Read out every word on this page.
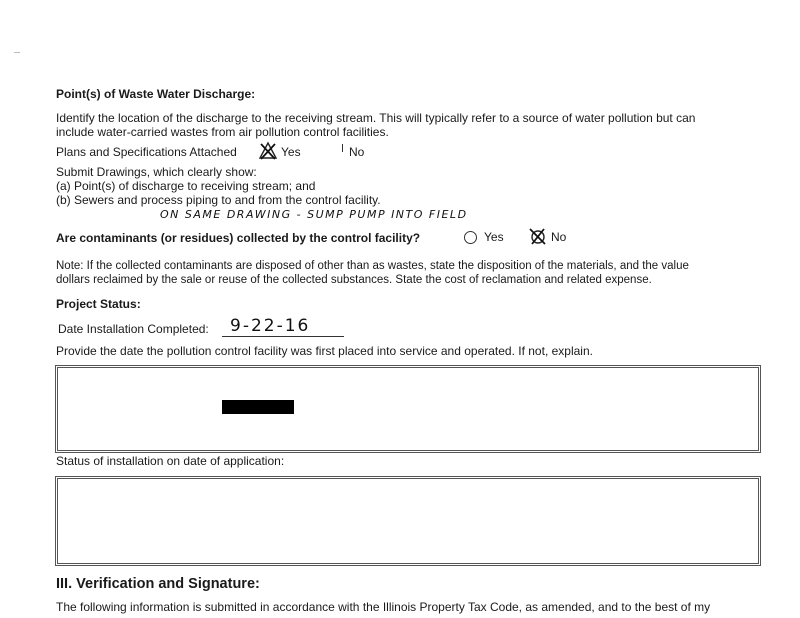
Point(s) of Waste Water Discharge:
Identify the location of the discharge to the receiving stream. This will typically refer to a source of water pollution but can
include water-carried wastes from air pollution control facilities.
Plans and Specifications Attached	Yes	No
Submit Drawings, which clearly show:
(a) Point(s) of discharge to receiving stream; and
(b) Sewers and process piping to and from the control facility.
ON SAME DRAWING - SUMP PUMP INTO FIELD
Are contaminants (or residues) collected by the control facility?	Yes	No
Note: If the collected contaminants are disposed of other than as wastes, state the disposition of the materials, and the value
dollars reclaimed by the sale or reuse of the collected substances. State the cost of reclamation and related expense.
Project Status:
Date Installation Completed: 9-22-16
Provide the date the pollution control facility was first placed into service and operated. If not, explain.
Status of installation on date of application:
III. Verification and Signature:
The following information is submitted in accordance with the Illinois Property Tax Code, as amended, and to the best of my
